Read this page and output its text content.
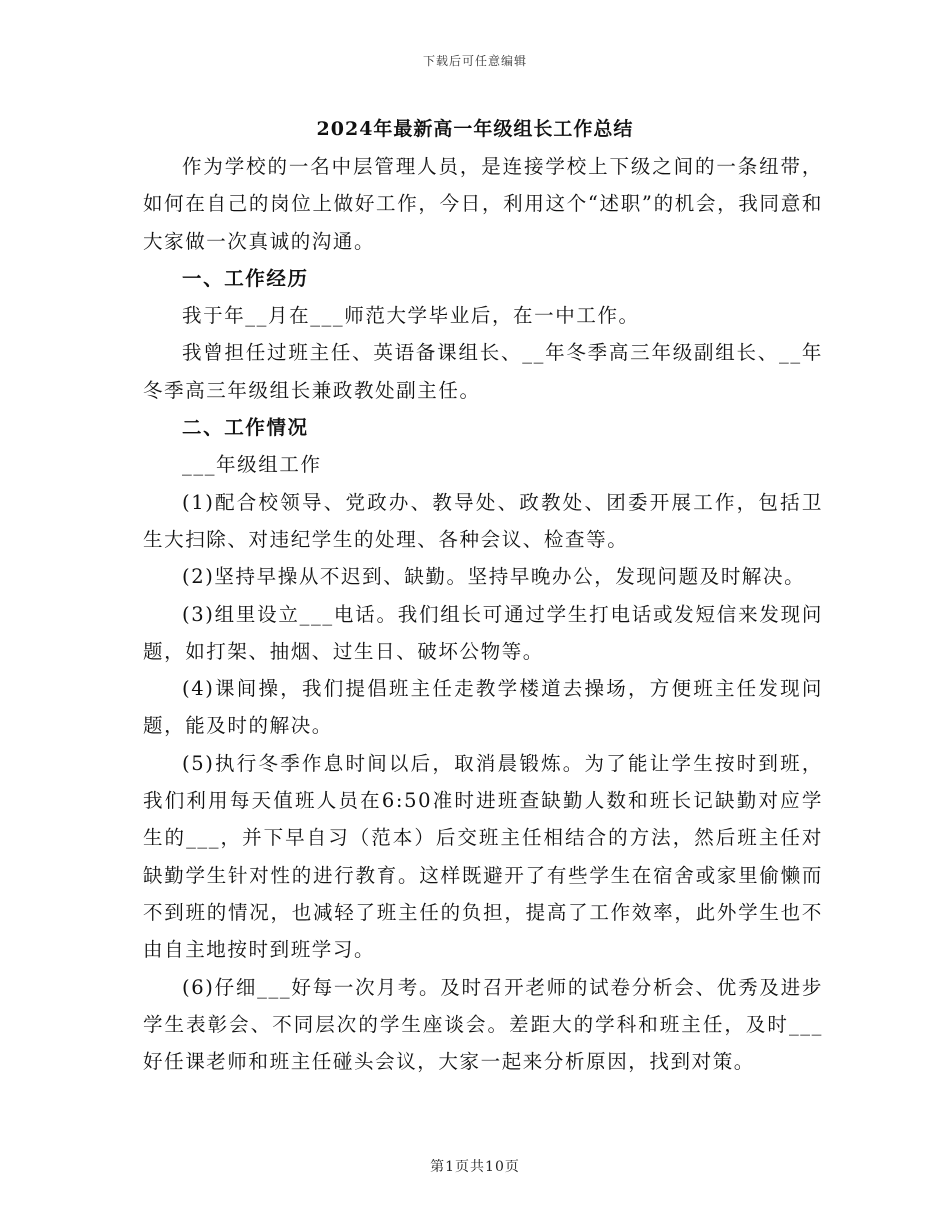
下载后可任意编辑
2024年最新高一年级组长工作总结

作为学校的一名中层管理人员，是连接学校上下级之间的一条纽带，如何在自己的岗位上做好工作，今日，利用这个“述职”的机会，我同意和大家做一次真诚的沟通。

一、工作经历

我于年__月在___师范大学毕业后，在一中工作。

我曾担任过班主任、英语备课组长、__年冬季高三年级副组长、__年冬季高三年级组长兼政教处副主任。

二、工作情况

___年级组工作

(1)配合校领导、党政办、教导处、政教处、团委开展工作，包括卫生大扫除、对违纪学生的处理、各种会议、检查等。

(2)坚持早操从不迟到、缺勤。坚持早晚办公，发现问题及时解决。

(3)组里设立___电话。我们组长可通过学生打电话或发短信来发现问题，如打架、抽烟、过生日、破坏公物等。

(4)课间操，我们提倡班主任走教学楼道去操场，方便班主任发现问题，能及时的解决。

(5)执行冬季作息时间以后，取消晨锻炼。为了能让学生按时到班，我们利用每天值班人员在6:50准时进班查缺勤人数和班长记缺勤对应学生的___，并下早自习（范本）后交班主任相结合的方法，然后班主任对缺勤学生针对性的进行教育。这样既避开了有些学生在宿舍或家里偷懒而不到班的情况，也减轻了班主任的负担，提高了工作效率，此外学生也不由自主地按时到班学习。

(6)仔细___好每一次月考。及时召开老师的试卷分析会、优秀及进步学生表彰会、不同层次的学生座谈会。差距大的学科和班主任，及时___好任课老师和班主任碰头会议，大家一起来分析原因，找到对策。

第1页共10页
